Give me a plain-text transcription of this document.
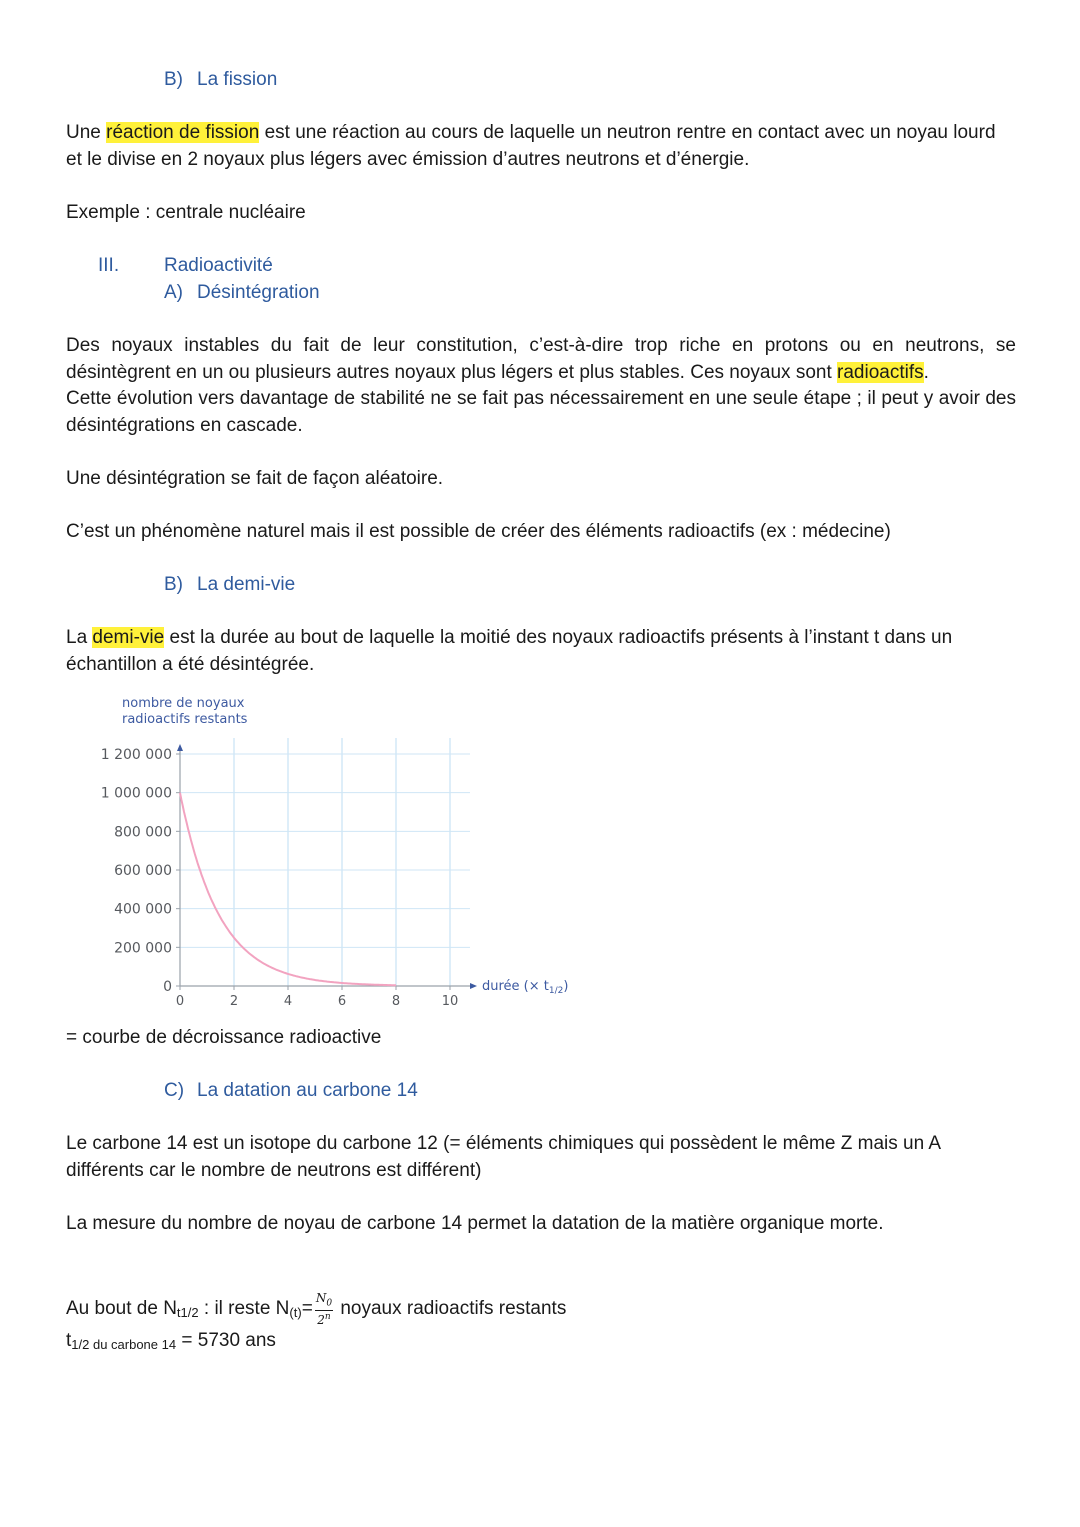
B) La fission
Une réaction de fission est une réaction au cours de laquelle un neutron rentre en contact avec un noyau lourd et le divise en 2 noyaux plus légers avec émission d’autres neutrons et d’énergie.
Exemple : centrale nucléaire
III. Radioactivité
A) Désintégration
Des noyaux instables du fait de leur constitution, c’est-à-dire trop riche en protons ou en neutrons, se désintègrent en un ou plusieurs autres noyaux plus légers et plus stables. Ces noyaux sont radioactifs.
Cette évolution vers davantage de stabilité ne se fait pas nécessairement en une seule étape ; il peut y avoir des désintégrations en cascade.
Une désintégration se fait de façon aléatoire.
C’est un phénomène naturel mais il est possible de créer des éléments radioactifs (ex : médecine)
B) La demi-vie
La demi-vie est la durée au bout de laquelle la moitié des noyaux radioactifs présents à l’instant t dans un échantillon a été désintégrée.
nombre de noyaux
radioactifs restants
0
200 000
400 000
600 000
800 000
1 000 000
1 200 000
0	2	4	6	8	10
durée (× $t_{1/2}$)
= courbe de décroissance radioactive
C) La datation au carbone 14
Le carbone 14 est un isotope du carbone 12 (= éléments chimiques qui possèdent le même Z mais un A différents car le nombre de neutrons est différent)
La mesure du nombre de noyau de carbone 14 permet la datation de la matière organique morte.
Au bout de $N_{t1/2}$ : il reste $N_{(t)}= \frac{N_0}{2^n}$ noyaux radioactifs restants
$t_{1/2 du carbone 14} = 5730$ ans
